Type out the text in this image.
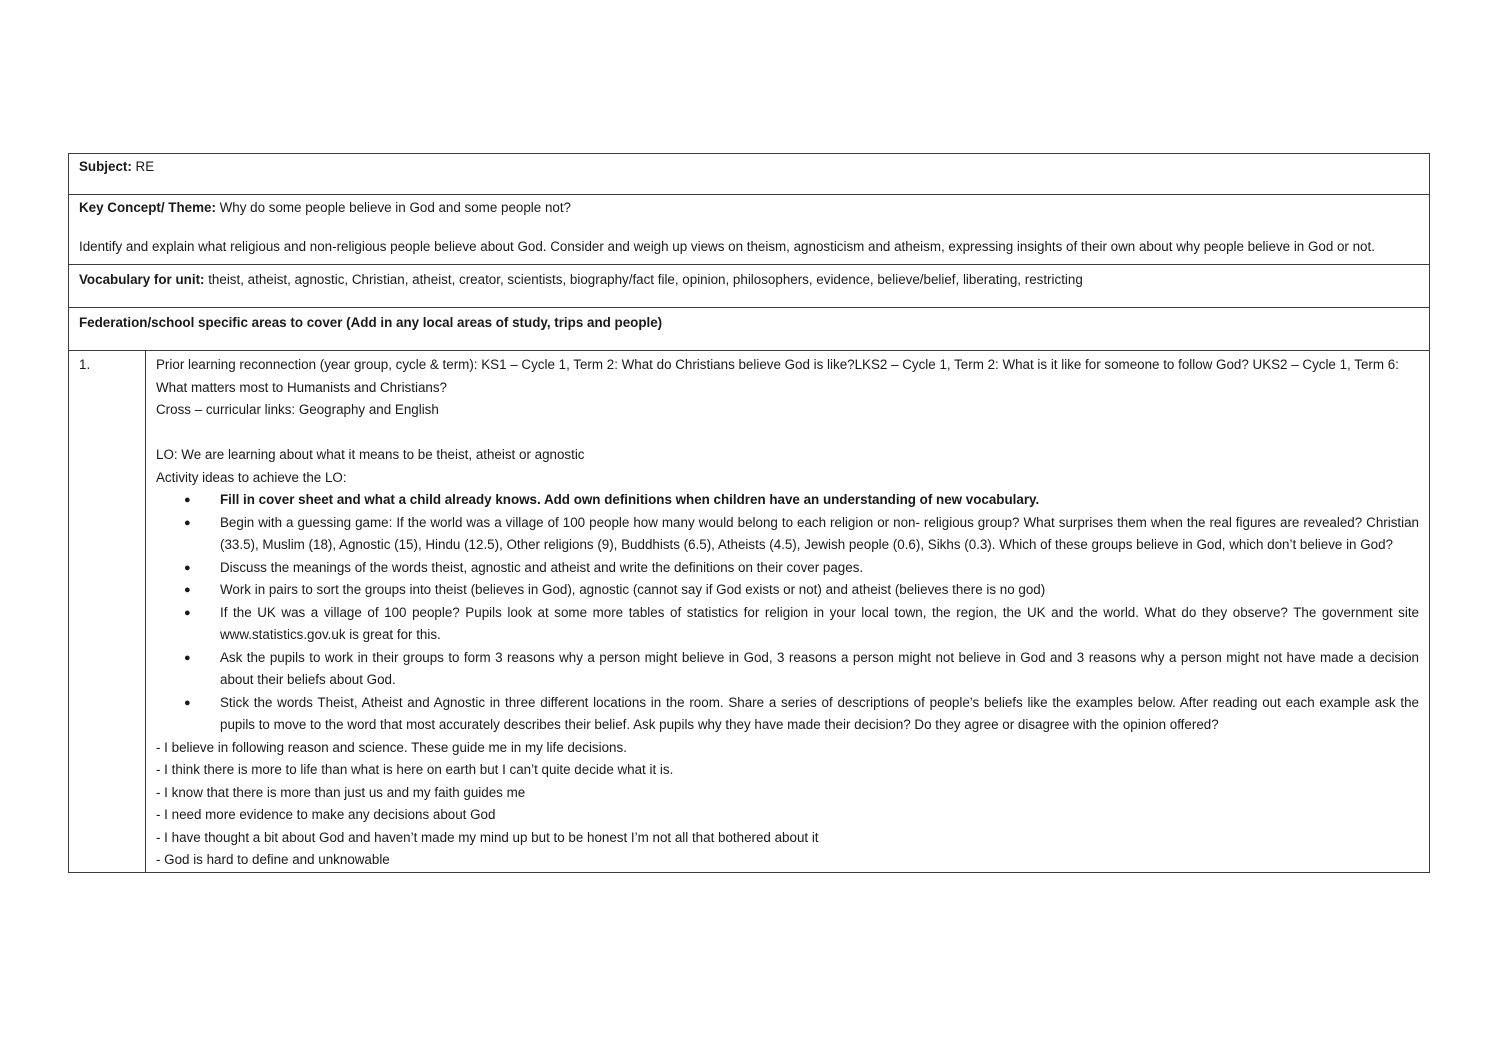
Subject: RE

Key Concept/ Theme: Why do some people believe in God and some people not?
Identify and explain what religious and non-religious people believe about God. Consider and weigh up views on theism, agnosticism and atheism, expressing insights of their own about why people believe in God or not.

Vocabulary for unit: theist, atheist, agnostic, Christian, atheist, creator, scientists, biography/fact file, opinion, philosophers, evidence, believe/belief, liberating, restricting
Federation/school specific areas to cover (Add in any local areas of study, trips and people)
1.	Prior learning reconnection (year group, cycle & term): KS1 – Cycle 1, Term 2: What do Christians believe God is like?LKS2 – Cycle 1, Term 2: What is it like for someone to follow God? UKS2 – Cycle 1, Term 6: What matters most to Humanists and Christians?
Cross – curricular links: Geography and English
LO: We are learning about what it means to be theist, atheist or agnostic
Activity ideas to achieve the LO:
● Fill in cover sheet and what a child already knows. Add own definitions when children have an understanding of new vocabulary.
● Begin with a guessing game: If the world was a village of 100 people how many would belong to each religion or non- religious group? What surprises them when the real figures are revealed? Christian (33.5), Muslim (18), Agnostic (15), Hindu (12.5), Other religions (9), Buddhists (6.5), Atheists (4.5), Jewish people (0.6), Sikhs (0.3). Which of these groups believe in God, which don’t believe in God?
● Discuss the meanings of the words theist, agnostic and atheist and write the definitions on their cover pages.
● Work in pairs to sort the groups into theist (believes in God), agnostic (cannot say if God exists or not) and atheist (believes there is no god)
● If the UK was a village of 100 people? Pupils look at some more tables of statistics for religion in your local town, the region, the UK and the world. What do they observe? The government site www.statistics.gov.uk is great for this.
● Ask the pupils to work in their groups to form 3 reasons why a person might believe in God, 3 reasons a person might not believe in God and 3 reasons why a person might not have made a decision about their beliefs about God.
● Stick the words Theist, Atheist and Agnostic in three different locations in the room. Share a series of descriptions of people’s beliefs like the examples below. After reading out each example ask the pupils to move to the word that most accurately describes their belief. Ask pupils why they have made their decision? Do they agree or disagree with the opinion offered?
- I believe in following reason and science. These guide me in my life decisions.
- I think there is more to life than what is here on earth but I can’t quite decide what it is.
- I know that there is more than just us and my faith guides me
- I need more evidence to make any decisions about God
- I have thought a bit about God and haven’t made my mind up but to be honest I’m not all that bothered about it
- God is hard to define and unknowable
